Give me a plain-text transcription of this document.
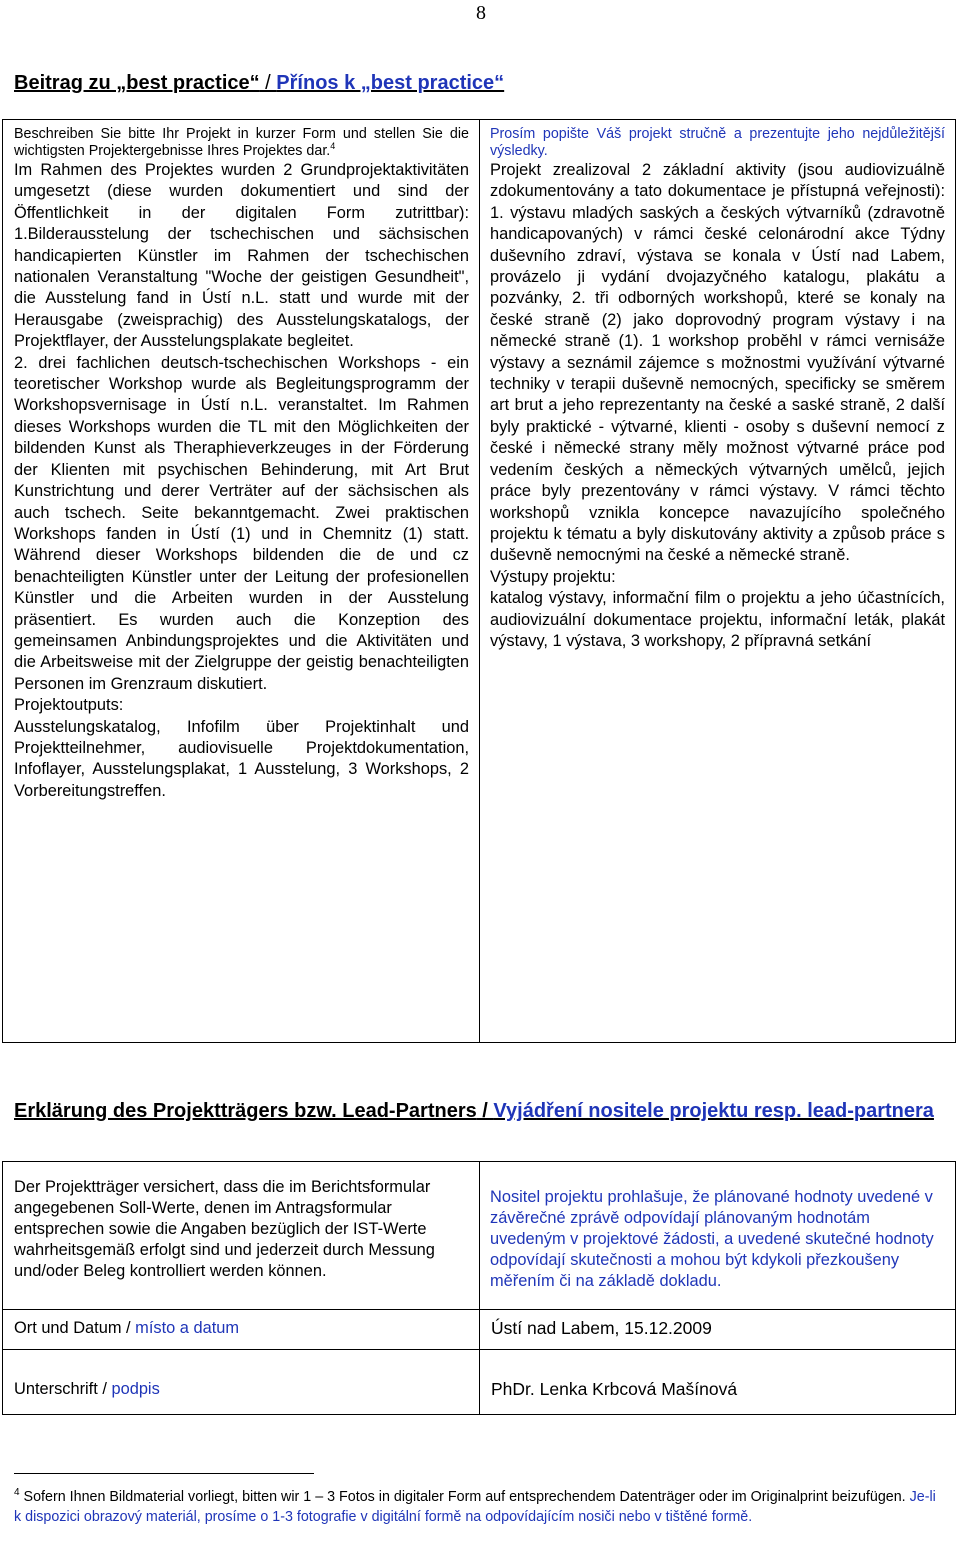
8
Beitrag zu „best practice“ / Přínos k „best practice“

Beschreiben Sie bitte Ihr Projekt in kurzer Form und stellen Sie die wichtigsten Projektergebnisse Ihres Projektes dar.$^4$

Im Rahmen des Projektes wurden 2 Grundprojektaktivitäten umgesetzt (diese wurden dokumentiert und sind der Öffentlichkeit in der digitalen Form zutrittbar): 1.Bilderausstelung der tschechischen und sächsischen handicapierten Künstler im Rahmen der tschechischen nationalen Veranstaltung "Woche der geistigen Gesundheit", die Ausstelung fand in Ústí n.L. statt und wurde mit der Herausgabe (zweisprachig) des Ausstelungskatalogs, der Projektflayer, der Ausstelungsplakate begleitet.

2. drei fachlichen deutsch-tschechischen Workshops - ein teoretischer Workshop wurde als Begleitungsprogramm der Workshopsvernisage in Ústí n.L. veranstaltet. Im Rahmen dieses Workshops wurden die TL mit den Möglichkeiten der bildenden Kunst als Theraphieverkzeuges in der Förderung der Klienten mit psychischen Behinderung, mit Art Brut Kunstrichtung und derer Verträter auf der sächsischen als auch tschech. Seite bekanntgemacht. Zwei praktischen Workshops fanden in Ústí (1) und in Chemnitz (1) statt. Während dieser Workshops bildenden die de und cz benachteiligten Künstler unter der Leitung der profesionellen Künstler und die Arbeiten wurden in der Ausstelung präsentiert. Es wurden auch die Konzeption des gemeinsamen Anbindungsprojektes und die Aktivitäten und die Arbeitsweise mit der Zielgruppe der geistig benachteiligten Personen im Grenzraum diskutiert.

Projektoutputs:

Ausstelungskatalog, Infofilm über Projektinhalt und Projektteilnehmer, audiovisuelle Projektdokumentation, Infoflayer, Ausstelungsplakat, 1 Ausstelung, 3 Workshops, 2 Vorbereitungstreffen.

Prosím popište Váš projekt stručně a prezentujte jeho nejdůležitější výsledky.

Projekt zrealizoval 2 základní aktivity (jsou audiovizuálně zdokumentovány a tato dokumentace je přístupná veřejnosti): 1. výstavu mladých saských a českých výtvarníků (zdravotně handicapovaných) v rámci české celonárodní akce Týdny duševního zdraví, výstava se konala v Ústí nad Labem, provázelo ji vydání dvojazyčného katalogu, plakátu a pozvánky, 2. tři odborných workshopů, které se konaly na české straně (2) jako doprovodný program výstavy i na německé straně (1). 1 workshop proběhl v rámci vernisáže výstavy a seznámil zájemce s možnostmi využívání výtvarné techniky v terapii duševně nemocných, specificky se směrem art brut a jeho reprezentanty na české a saské straně, 2 další byly praktické - výtvarné, klienti - osoby s duševní nemocí z české i německé strany měly možnost výtvarné práce pod vedením českých a německých výtvarných umělců, jejich práce byly prezentovány v rámci výstavy. V rámci těchto workshopů vznikla koncepce navazujícího společného projektu k tématu a byly diskutovány aktivity a způsob práce s duševně nemocnými na české a německé straně.

Výstupy projektu:

katalog výstavy, informační film o projektu a jeho účastnících, audiovizuální dokumentace projektu, informační leták, plakát výstavy, 1 výstava, 3 workshopy, 2 přípravná setkání

Erklärung des Projektträgers bzw. Lead-Partners / Vyjádření nositele projektu resp. lead-partnera
Der Projektträger versichert, dass die im Berichtsformular angegebenen Soll-Werte, denen im Antragsformular entsprechen sowie die Angaben bezüglich der IST-Werte wahrheitsgemäß erfolgt sind und jederzeit durch Messung und/oder Beleg kontrolliert werden können.
Nositel projektu prohlašuje, že plánované hodnoty uvedené v závěrečné zprávě odpovídají plánovaným hodnotám uvedeným v projektové žádosti, a uvedené skutečné hodnoty odpovídají skutečnosti a mohou být kdykoli přezkoušeny měřením či na základě dokladu.
Ort und Datum / místo a datum	Ústí nad Labem, 15.12.2009
Unterschrift / podpis	PhDr. Lenka Krbcová Mašínová
$^4$ Sofern Ihnen Bildmaterial vorliegt, bitten wir 1 – 3 Fotos in digitaler Form auf entsprechendem Datenträger oder im Originalprint beizufügen. Je-li k dispozici obrazový materiál, prosíme o 1-3 fotografie v digitální formě na odpovídajícím nosiči nebo v tištěné formě.
